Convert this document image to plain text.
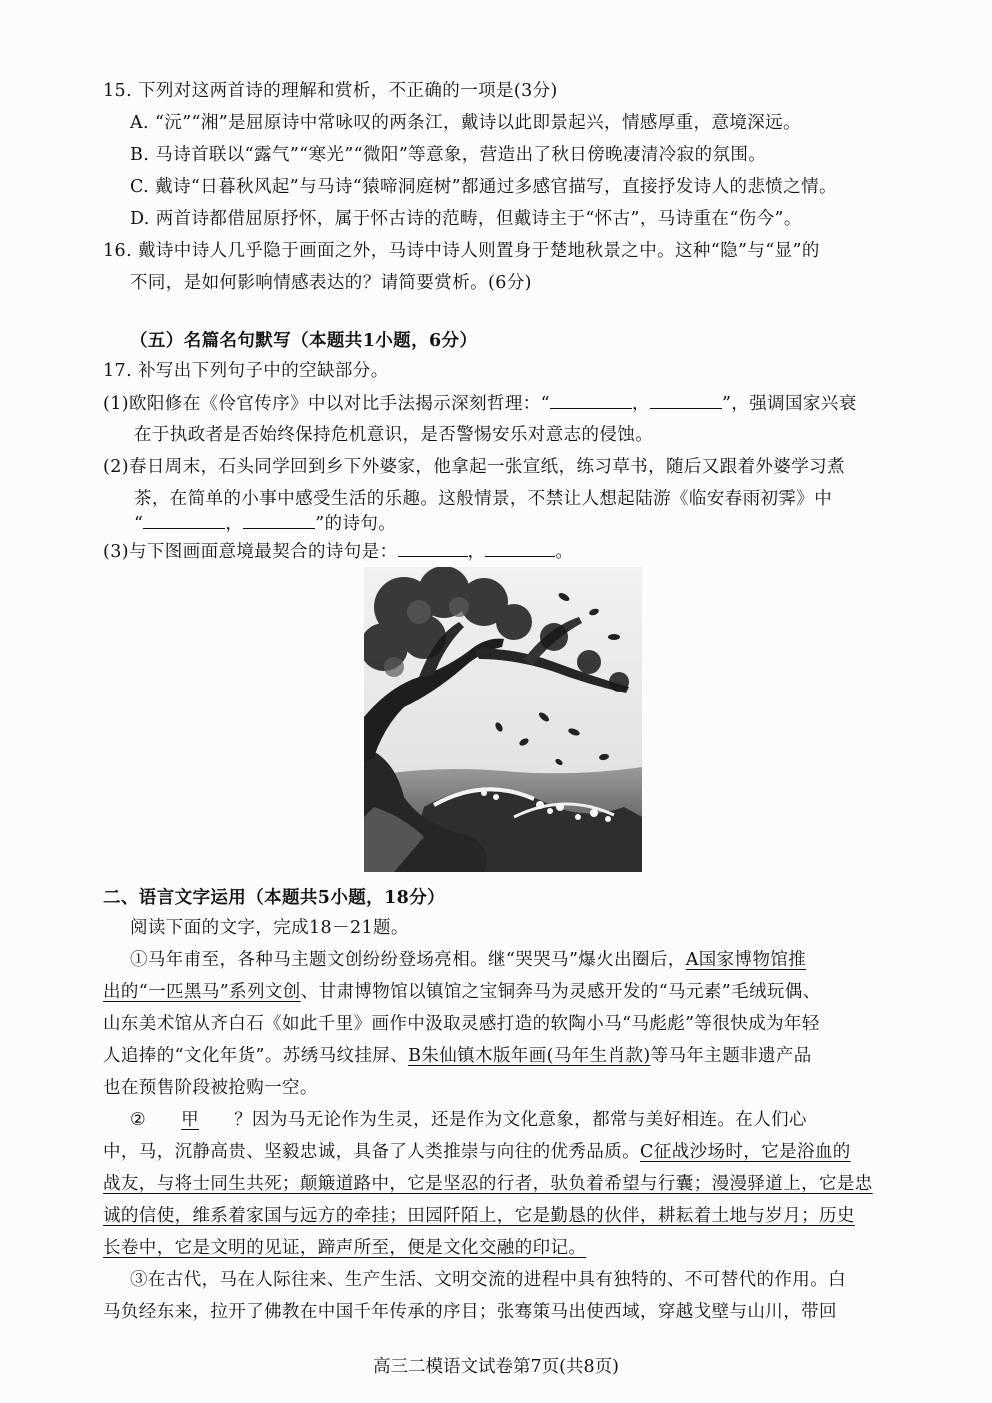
15. 下列对这两首诗的理解和赏析，不正确的一项是(3分)
A. “沅”“湘”是屈原诗中常咏叹的两条江，戴诗以此即景起兴，情感厚重，意境深远。
B. 马诗首联以“露气”“寒光”“微阳”等意象，营造出了秋日傍晚凄清冷寂的氛围。
C. 戴诗“日暮秋风起”与马诗“猿啼洞庭树”都通过多感官描写，直接抒发诗人的悲愤之情。
D. 两首诗都借屈原抒怀，属于怀古诗的范畴，但戴诗主于“怀古”，马诗重在“伤今”。
16. 戴诗中诗人几乎隐于画面之外，马诗中诗人则置身于楚地秋景之中。这种“隐”与“显”的
不同，是如何影响情感表达的？请简要赏析。(6分)
（五）名篇名句默写（本题共1小题，6分）
17. 补写出下列句子中的空缺部分。
(1)欧阳修在《伶官传序》中以对比手法揭示深刻哲理：“	，	”，强调国家兴衰
在于执政者是否始终保持危机意识，是否警惕安乐对意志的侵蚀。
(2)春日周末，石头同学回到乡下外婆家，他拿起一张宣纸，练习草书，随后又跟着外婆学习煮
茶，在简单的小事中感受生活的乐趣。这般情景，不禁让人想起陆游《临安春雨初霁》中
“	，	”的诗句。
(3)与下图画面意境最契合的诗句是：	，	。
二、语言文字运用（本题共5小题，18分）
阅读下面的文字，完成18－21题。
①马年甫至，各种马主题文创纷纷登场亮相。继“哭哭马”爆火出圈后，A国家博物馆推
出的“一匹黑马”系列文创、甘肃博物馆以镇馆之宝铜奔马为灵感开发的“马元素”毛绒玩偶、
山东美术馆从齐白石《如此千里》画作中汲取灵感打造的软陶小马“马彪彪”等很快成为年轻
人追捧的“文化年货”。苏绣马纹挂屏、B朱仙镇木版年画(马年生肖款)等马年主题非遗产品
也在预售阶段被抢购一空。
② 甲 ？因为马无论作为生灵，还是作为文化意象，都常与美好相连。在人们心
中，马，沉静高贵、坚毅忠诚，具备了人类推崇与向往的优秀品质。C征战沙场时，它是浴血的
战友，与将士同生共死；颠簸道路中，它是坚忍的行者，驮负着希望与行囊；漫漫驿道上，它是忠
诚的信使，维系着家国与远方的牵挂；田园阡陌上，它是勤恳的伙伴，耕耘着土地与岁月；历史
长卷中，它是文明的见证，蹄声所至，便是文化交融的印记。
③在古代，马在人际往来、生产生活、文明交流的进程中具有独特的、不可替代的作用。白
马负经东来，拉开了佛教在中国千年传承的序目；张骞策马出使西域，穿越戈壁与山川，带回
高三二模语文试卷第7页(共8页)
